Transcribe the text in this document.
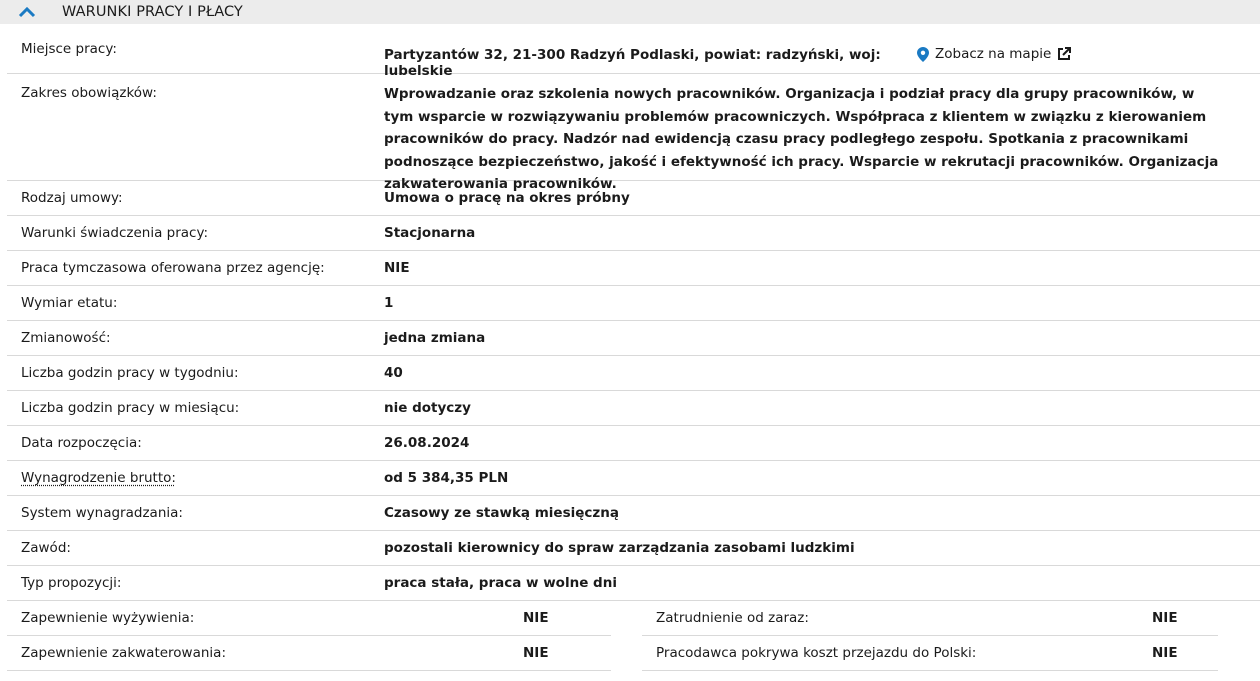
WARUNKI PRACY I PŁACY
Miejsce pracy:	Partyzantów 32, 21-300 Radzyń Podlaski, powiat: radzyński, woj: lubelskie
Zobacz na mapie
Zakres obowiązków:	Wprowadzanie oraz szkolenia nowych pracowników. Organizacja i podział pracy dla grupy pracowników, w tym wsparcie w rozwiązywaniu problemów pracowniczych. Współpraca z klientem w związku z kierowaniem pracowników do pracy. Nadzór nad ewidencją czasu pracy podległego zespołu. Spotkania z pracownikami podnoszące bezpieczeństwo, jakość i efektywność ich pracy. Wsparcie w rekrutacji pracowników. Organizacja zakwaterowania pracowników.
Rodzaj umowy:	Umowa o pracę na okres próbny
Warunki świadczenia pracy:	Stacjonarna
Praca tymczasowa oferowana przez agencję:	NIE
Wymiar etatu:	1
Zmianowość:	jedna zmiana
Liczba godzin pracy w tygodniu:	40
Liczba godzin pracy w miesiącu:	nie dotyczy
Data rozpoczęcia:	26.08.2024
Wynagrodzenie brutto:	od 5 384,35 PLN
System wynagradzania:	Czasowy ze stawką miesięczną
Zawód:	pozostali kierownicy do spraw zarządzania zasobami ludzkimi
Typ propozycji:	praca stała, praca w wolne dni
Zapewnienie wyżywienia:	NIE	Zatrudnienie od zaraz:	NIE
Zapewnienie zakwaterowania:	NIE	Pracodawca pokrywa koszt przejazdu do Polski:	NIE
